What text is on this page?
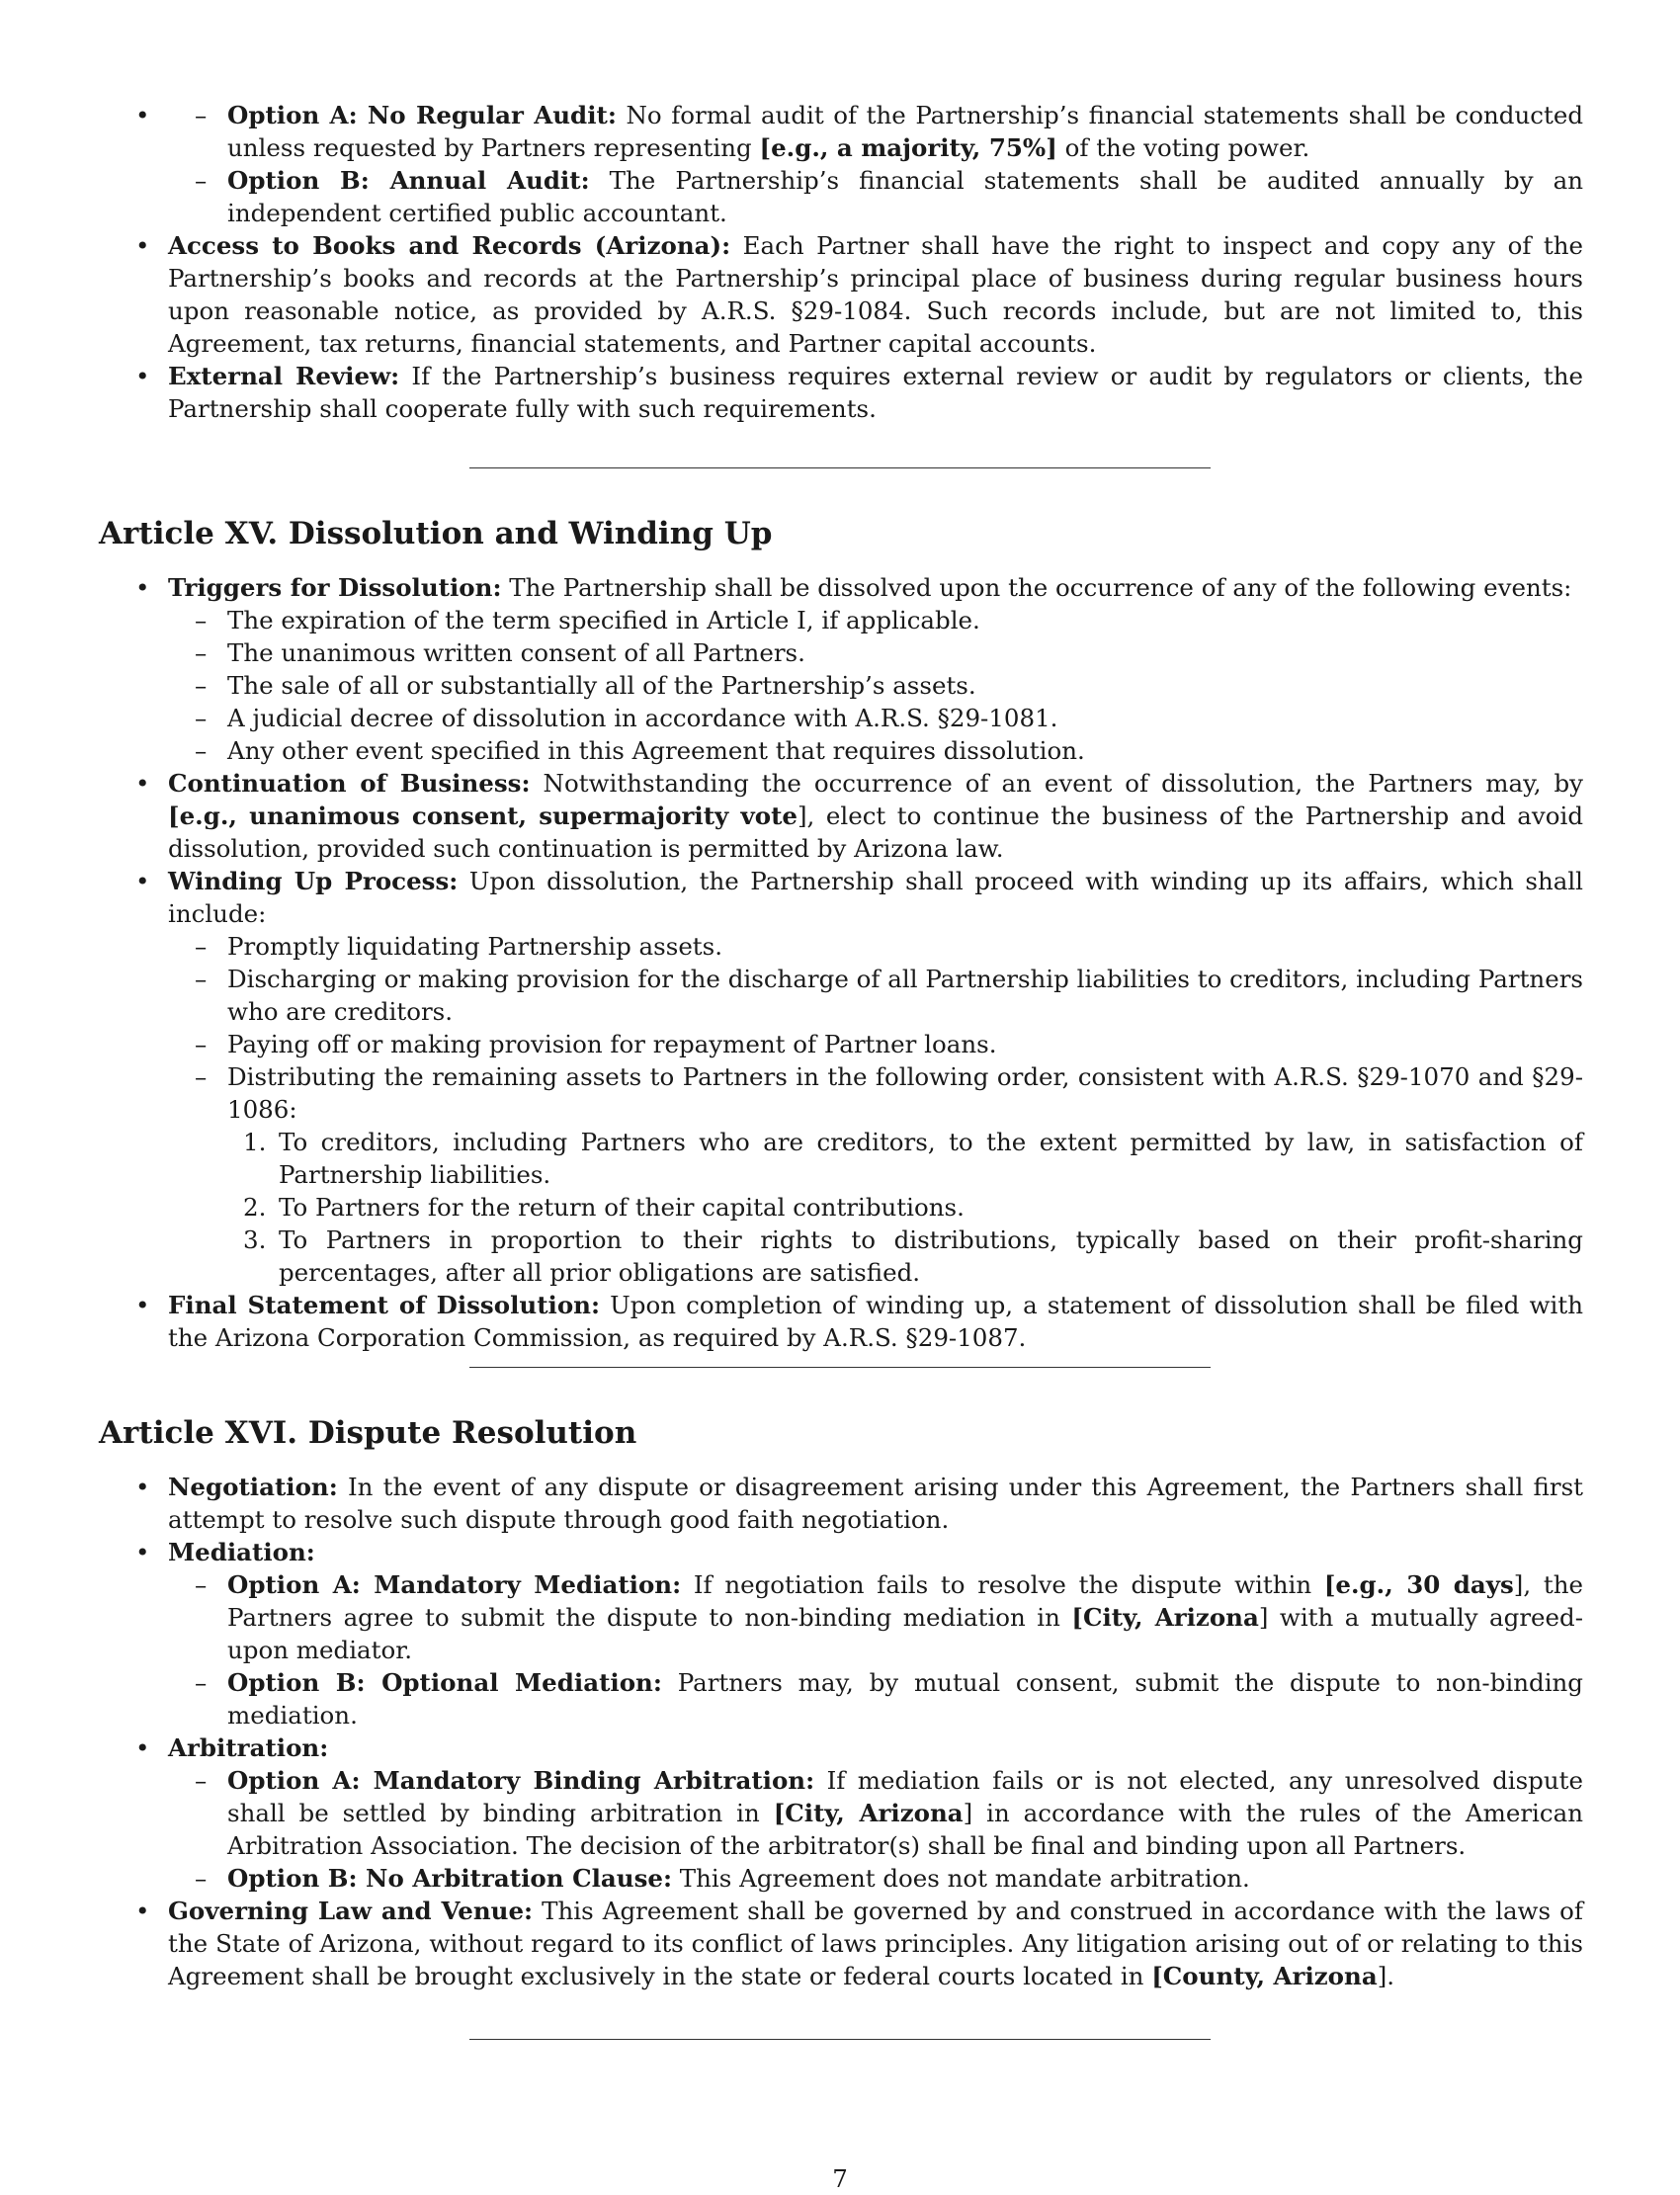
– • Option A: No Regular Audit: No formal audit of the Partnership’s financial statements shall be conducted unless requested by Partners representing [e.g., a majority, 75%] of the voting power.
– Option B: Annual Audit: The Partnership’s financial statements shall be audited annually by an independent certified public accountant.
• Access to Books and Records (Arizona): Each Partner shall have the right to inspect and copy any of the Partnership’s books and records at the Partnership’s principal place of business during regular business hours upon reasonable notice, as provided by A.R.S. §29-1084. Such records include, but are not limited to, this Agreement, tax returns, financial statements, and Partner capital accounts.
• External Review: If the Partnership’s business requires external review or audit by regulators or clients, the Partnership shall cooperate fully with such requirements.
Article XV. Dissolution and Winding Up
• Triggers for Dissolution: The Partnership shall be dissolved upon the occurrence of any of the following events:
– The expiration of the term specified in Article I, if applicable.
– The unanimous written consent of all Partners.
– The sale of all or substantially all of the Partnership’s assets.
– A judicial decree of dissolution in accordance with A.R.S. §29-1081.
– Any other event specified in this Agreement that requires dissolution.
• Continuation of Business: Notwithstanding the occurrence of an event of dissolution, the Partners may, by [e.g., unanimous consent, supermajority vote], elect to continue the business of the Partnership and avoid dissolution, provided such continuation is permitted by Arizona law.
• Winding Up Process: Upon dissolution, the Partnership shall proceed with winding up its affairs, which shall include:
– Promptly liquidating Partnership assets.
– Discharging or making provision for the discharge of all Partnership liabilities to creditors, including Partners who are creditors.
– Paying off or making provision for repayment of Partner loans.
– Distributing the remaining assets to Partners in the following order, consistent with A.R.S. §29-1070 and §29-1086:
To creditors, including Partners who are creditors, to the extent permitted by law, in satisfaction of Partnership liabilities.
To Partners for the return of their capital contributions.
To Partners in proportion to their rights to distributions, typically based on their profit-sharing percentages, after all prior obligations are satisfied.
• Final Statement of Dissolution: Upon completion of winding up, a statement of dissolution shall be filed with the Arizona Corporation Commission, as required by A.R.S. §29-1087.
Article XVI. Dispute Resolution
• Negotiation: In the event of any dispute or disagreement arising under this Agreement, the Partners shall first attempt to resolve such dispute through good faith negotiation.
• Mediation:
– Option A: Mandatory Mediation: If negotiation fails to resolve the dispute within [e.g., 30 days], the Partners agree to submit the dispute to non-binding mediation in [City, Arizona] with a mutually agreed-upon mediator.
– Option B: Optional Mediation: Partners may, by mutual consent, submit the dispute to non-binding mediation.
• Arbitration:
– Option A: Mandatory Binding Arbitration: If mediation fails or is not elected, any unresolved dispute shall be settled by binding arbitration in [City, Arizona] in accordance with the rules of the American Arbitration Association. The decision of the arbitrator(s) shall be final and binding upon all Partners.
– Option B: No Arbitration Clause: This Agreement does not mandate arbitration.
• Governing Law and Venue: This Agreement shall be governed by and construed in accordance with the laws of the State of Arizona, without regard to its conflict of laws principles. Any litigation arising out of or relating to this Agreement shall be brought exclusively in the state or federal courts located in [County, Arizona].
7
